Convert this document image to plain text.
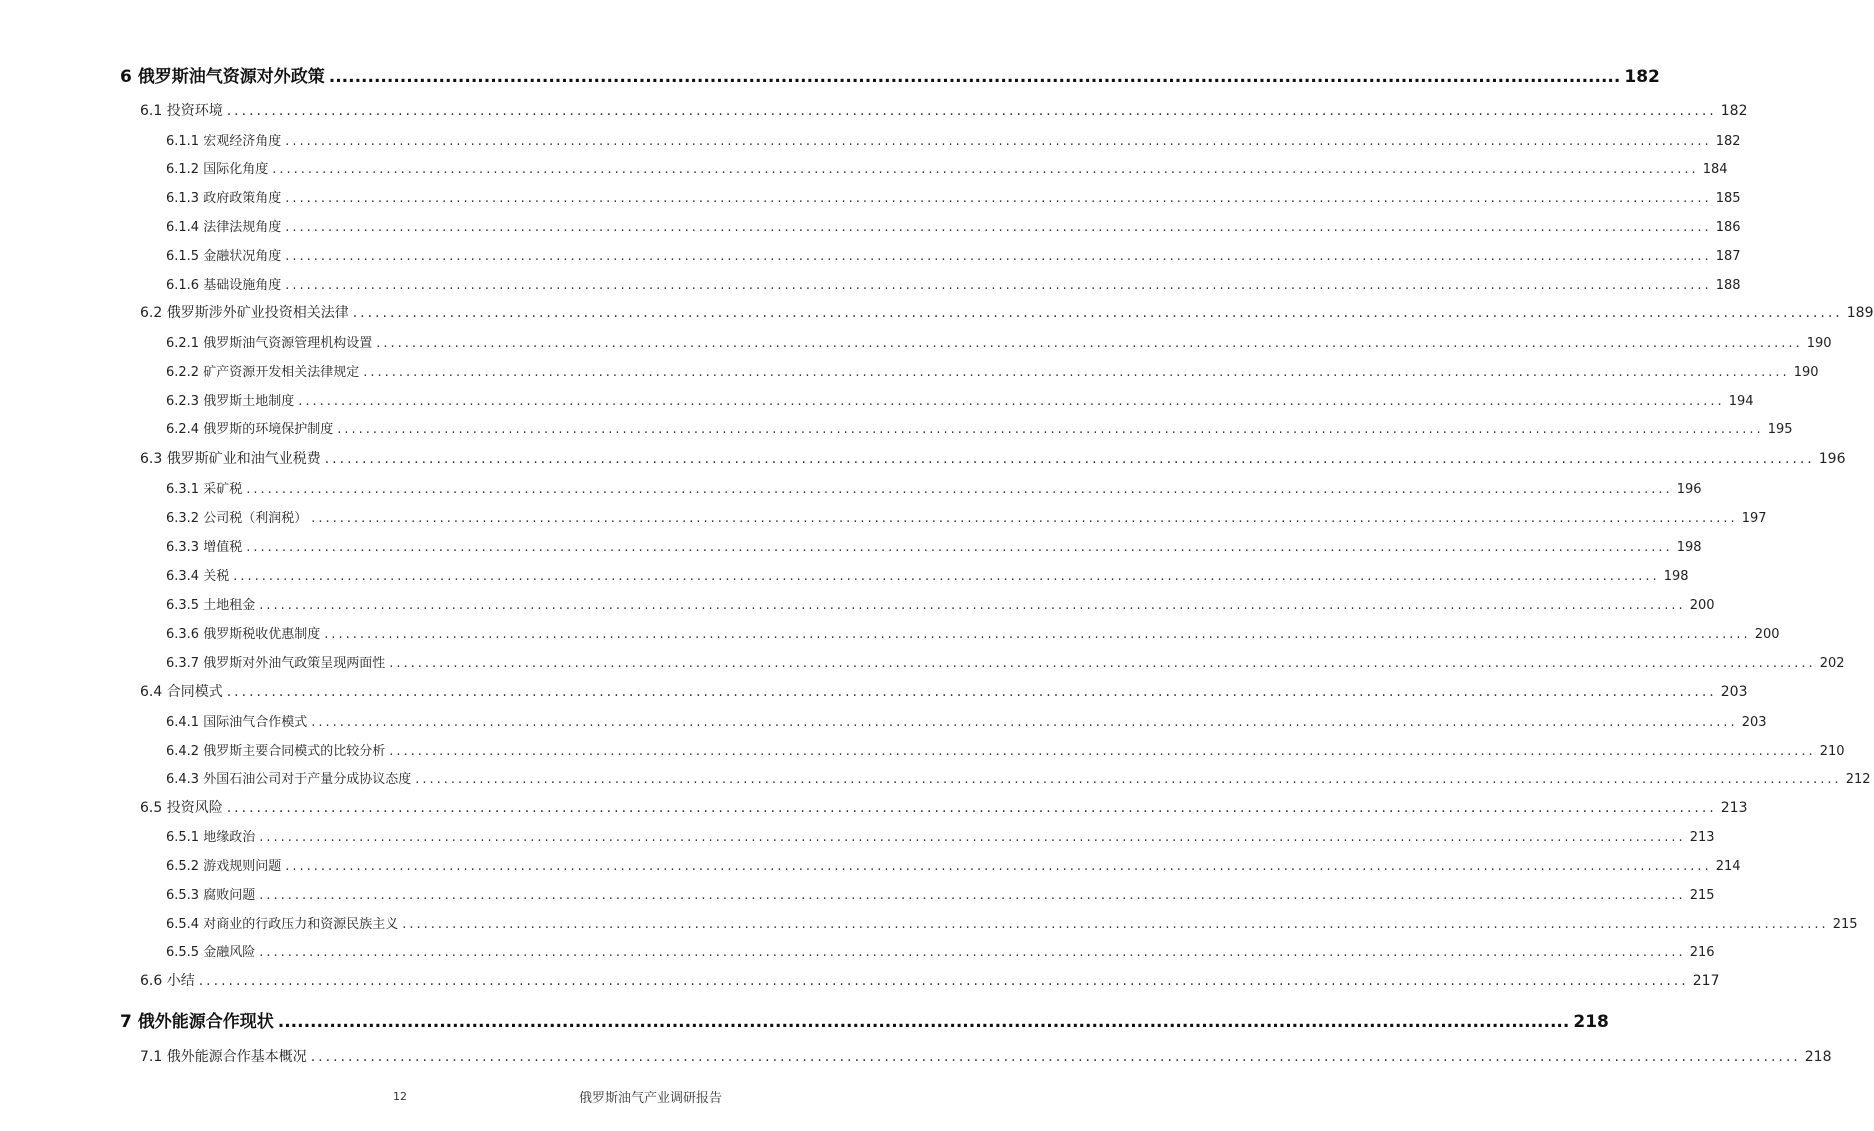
6 俄罗斯油气资源对外政策 ........................................................................................................................................................................................................ 182
6.1 投资环境 ........................................................................................................................................................................................................ 182
6.1.1 宏观经济角度 ........................................................................................................................................................................................................ 182
6.1.2 国际化角度 ........................................................................................................................................................................................................ 184
6.1.3 政府政策角度 ........................................................................................................................................................................................................ 185
6.1.4 法律法规角度 ........................................................................................................................................................................................................ 186
6.1.5 金融状况角度 ........................................................................................................................................................................................................ 187
6.1.6 基础设施角度 ........................................................................................................................................................................................................ 188
6.2 俄罗斯涉外矿业投资相关法律 ........................................................................................................................................................................................................ 189
6.2.1 俄罗斯油气资源管理机构设置 ........................................................................................................................................................................................................ 190
6.2.2 矿产资源开发相关法律规定 ........................................................................................................................................................................................................ 190
6.2.3 俄罗斯土地制度 ........................................................................................................................................................................................................ 194
6.2.4 俄罗斯的环境保护制度 ........................................................................................................................................................................................................ 195
6.3 俄罗斯矿业和油气业税费 ........................................................................................................................................................................................................ 196
6.3.1 采矿税 ........................................................................................................................................................................................................ 196
6.3.2 公司税（利润税） ........................................................................................................................................................................................................ 197
6.3.3 增值税 ........................................................................................................................................................................................................ 198
6.3.4 关税 ........................................................................................................................................................................................................ 198
6.3.5 土地租金 ........................................................................................................................................................................................................ 200
6.3.6 俄罗斯税收优惠制度 ........................................................................................................................................................................................................ 200
6.3.7 俄罗斯对外油气政策呈现两面性 ........................................................................................................................................................................................................ 202
6.4 合同模式 ........................................................................................................................................................................................................ 203
6.4.1 国际油气合作模式 ........................................................................................................................................................................................................ 203
6.4.2 俄罗斯主要合同模式的比较分析 ........................................................................................................................................................................................................ 210
6.4.3 外国石油公司对于产量分成协议态度 ........................................................................................................................................................................................................ 212
6.5 投资风险 ........................................................................................................................................................................................................ 213
6.5.1 地缘政治 ........................................................................................................................................................................................................ 213
6.5.2 游戏规则问题 ........................................................................................................................................................................................................ 214
6.5.3 腐败问题 ........................................................................................................................................................................................................ 215
6.5.4 对商业的行政压力和资源民族主义 ........................................................................................................................................................................................................ 215
6.5.5 金融风险 ........................................................................................................................................................................................................ 216
6.6 小结 ........................................................................................................................................................................................................ 217
7 俄外能源合作现状 ........................................................................................................................................................................................................ 218
7.1 俄外能源合作基本概况 ........................................................................................................................................................................................................ 218
12	俄罗斯油气产业调研报告
